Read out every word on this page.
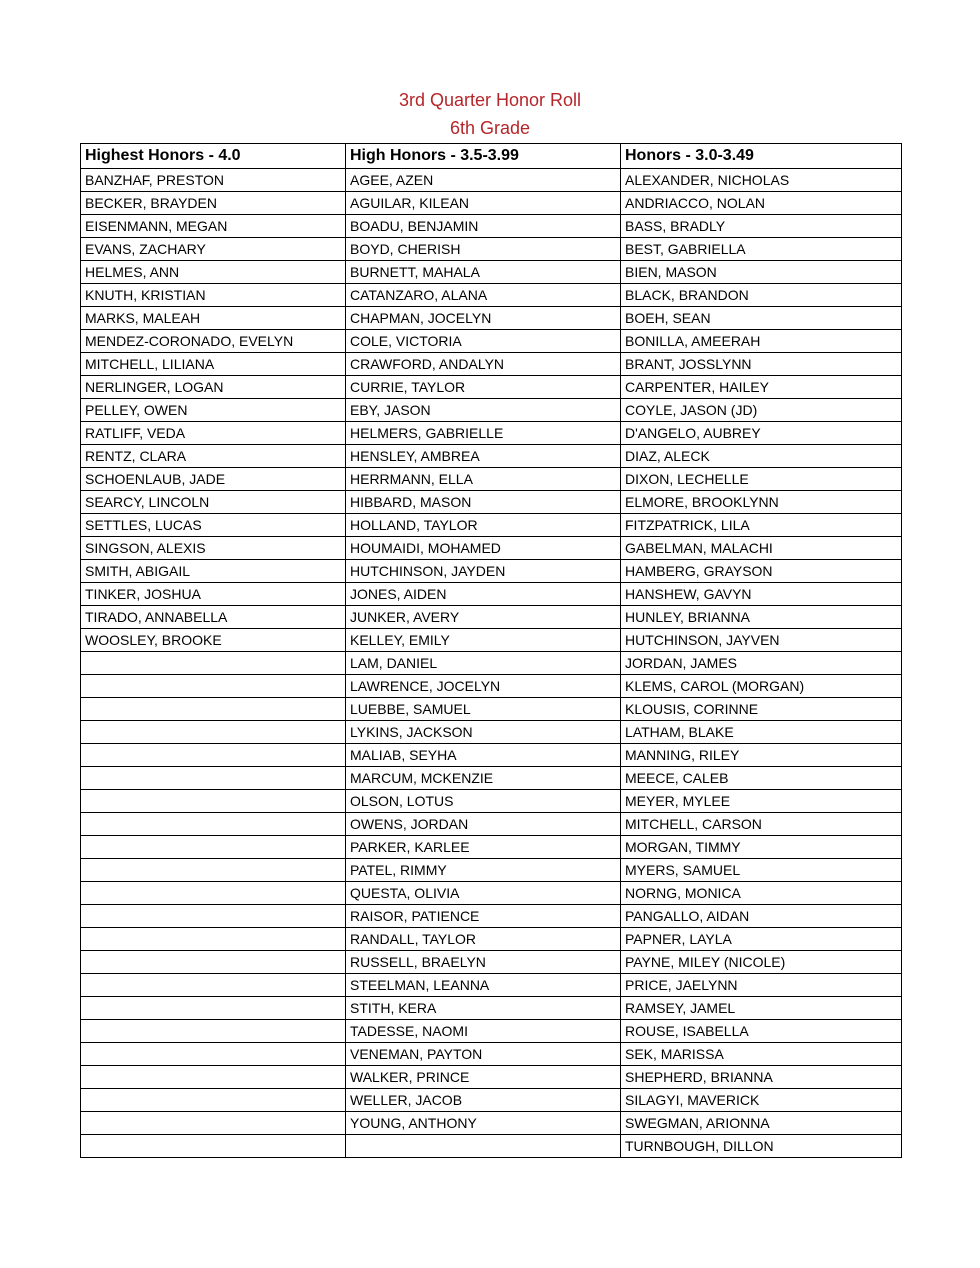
3rd Quarter Honor Roll
6th Grade
Highest Honors - 4.0	High Honors - 3.5-3.99	Honors - 3.0-3.49
BANZHAF, PRESTON	AGEE, AZEN	ALEXANDER, NICHOLAS
BECKER, BRAYDEN	AGUILAR, KILEAN	ANDRIACCO, NOLAN
EISENMANN, MEGAN	BOADU, BENJAMIN	BASS, BRADLY
EVANS, ZACHARY	BOYD, CHERISH	BEST, GABRIELLA
HELMES, ANN	BURNETT, MAHALA	BIEN, MASON
KNUTH, KRISTIAN	CATANZARO, ALANA	BLACK, BRANDON
MARKS, MALEAH	CHAPMAN, JOCELYN	BOEH, SEAN
MENDEZ-CORONADO, EVELYN	COLE, VICTORIA	BONILLA, AMEERAH
MITCHELL, LILIANA	CRAWFORD, ANDALYN	BRANT, JOSSLYNN
NERLINGER, LOGAN	CURRIE, TAYLOR	CARPENTER, HAILEY
PELLEY, OWEN	EBY, JASON	COYLE, JASON (JD)
RATLIFF, VEDA	HELMERS, GABRIELLE	D'ANGELO, AUBREY
RENTZ, CLARA	HENSLEY, AMBREA	DIAZ, ALECK
SCHOENLAUB, JADE	HERRMANN, ELLA	DIXON, LECHELLE
SEARCY, LINCOLN	HIBBARD, MASON	ELMORE, BROOKLYNN
SETTLES, LUCAS	HOLLAND, TAYLOR	FITZPATRICK, LILA
SINGSON, ALEXIS	HOUMAIDI, MOHAMED	GABELMAN, MALACHI
SMITH, ABIGAIL	HUTCHINSON, JAYDEN	HAMBERG, GRAYSON
TINKER, JOSHUA	JONES, AIDEN	HANSHEW, GAVYN
TIRADO, ANNABELLA	JUNKER, AVERY	HUNLEY, BRIANNA
WOOSLEY, BROOKE	KELLEY, EMILY	HUTCHINSON, JAYVEN
	LAM, DANIEL	JORDAN, JAMES
	LAWRENCE, JOCELYN	KLEMS, CAROL (MORGAN)
	LUEBBE, SAMUEL	KLOUSIS, CORINNE
	LYKINS, JACKSON	LATHAM, BLAKE
	MALIAB, SEYHA	MANNING, RILEY
	MARCUM, MCKENZIE	MEECE, CALEB
	OLSON, LOTUS	MEYER, MYLEE
	OWENS, JORDAN	MITCHELL, CARSON
	PARKER, KARLEE	MORGAN, TIMMY
	PATEL, RIMMY	MYERS, SAMUEL
	QUESTA, OLIVIA	NORNG, MONICA
	RAISOR, PATIENCE	PANGALLO, AIDAN
	RANDALL, TAYLOR	PAPNER, LAYLA
	RUSSELL, BRAELYN	PAYNE, MILEY (NICOLE)
	STEELMAN, LEANNA	PRICE, JAELYNN
	STITH, KERA	RAMSEY, JAMEL
	TADESSE, NAOMI	ROUSE, ISABELLA
	VENEMAN, PAYTON	SEK, MARISSA
	WALKER, PRINCE	SHEPHERD, BRIANNA
	WELLER, JACOB	SILAGYI, MAVERICK
	YOUNG, ANTHONY	SWEGMAN, ARIONNA
		TURNBOUGH, DILLON
